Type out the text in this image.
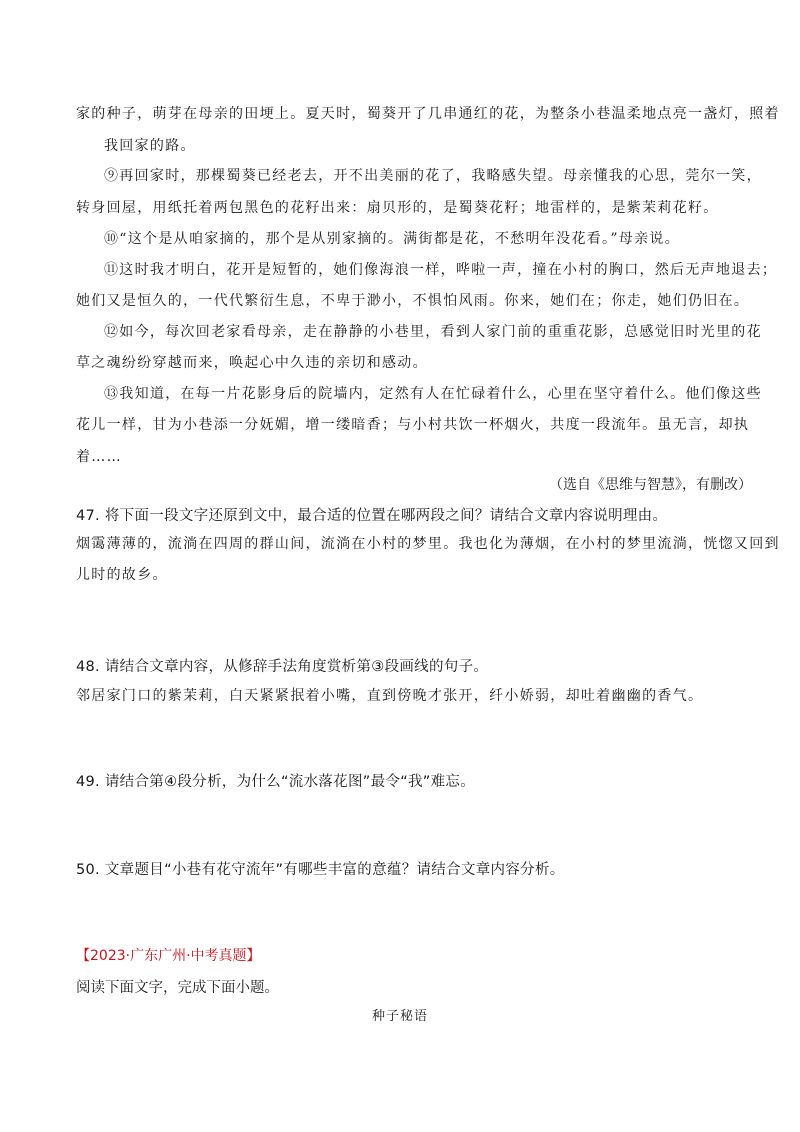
家的种子，萌芽在母亲的田埂上。夏天时，蜀葵开了几串通红的花，为整条小巷温柔地点亮一盏灯，照着
我回家的路。
⑨再回家时，那棵蜀葵已经老去，开不出美丽的花了，我略感失望。母亲懂我的心思，莞尔一笑，
转身回屋，用纸托着两包黑色的花籽出来：扇贝形的，是蜀葵花籽；地雷样的，是紫茉莉花籽。
⑩“这个是从咱家摘的，那个是从别家摘的。满街都是花，不愁明年没花看。”母亲说。
⑪这时我才明白，花开是短暂的，她们像海浪一样，哗啦一声，撞在小村的胸口，然后无声地退去；
她们又是恒久的，一代代繁衍生息，不卑于渺小，不惧怕风雨。你来，她们在；你走，她们仍旧在。
⑫如今，每次回老家看母亲，走在静静的小巷里，看到人家门前的重重花影，总感觉旧时光里的花
草之魂纷纷穿越而来，唤起心中久违的亲切和感动。
⑬我知道，在每一片花影身后的院墙内，定然有人在忙碌着什么，心里在坚守着什么。他们像这些
花儿一样，甘为小巷添一分妩媚，增一缕暗香；与小村共饮一杯烟火，共度一段流年。虽无言，却执
着……
（选自《思维与智慧》，有删改）
47. 将下面一段文字还原到文中，最合适的位置在哪两段之间？请结合文章内容说明理由。
烟霭薄薄的，流淌在四周的群山间，流淌在小村的梦里。我也化为薄烟，在小村的梦里流淌，恍惚又回到
儿时的故乡。
48. 请结合文章内容，从修辞手法角度赏析第③段画线的句子。
邻居家门口的紫茉莉，白天紧紧抿着小嘴，直到傍晚才张开，纤小娇弱，却吐着幽幽的香气。
49. 请结合第④段分析，为什么“流水落花图”最令“我”难忘。
50. 文章题目“小巷有花守流年”有哪些丰富的意蕴？请结合文章内容分析。
【2023·广东广州·中考真题】
阅读下面文字，完成下面小题。
种子秘语
